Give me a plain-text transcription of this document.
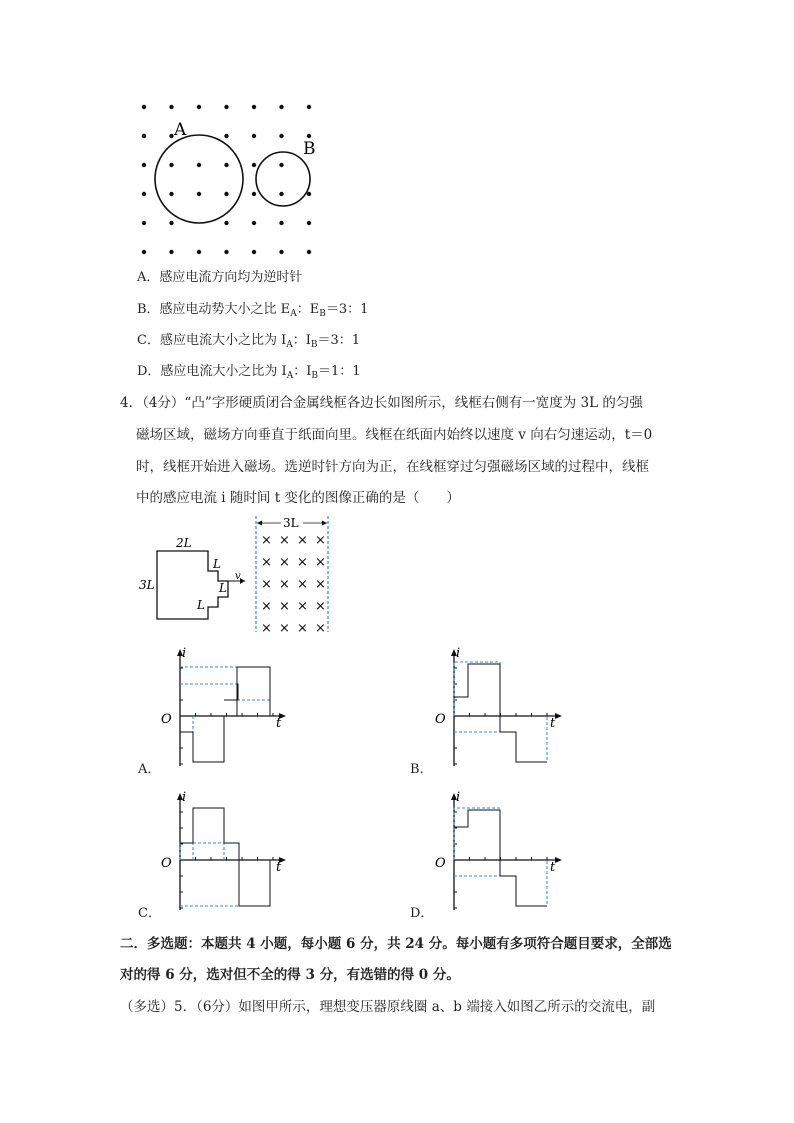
A
B
A．感应电流方向均为逆时针
B．感应电动势大小之比 $E_A$：$E_B=3$：1
C．感应电流大小之比为 $I_A$：$I_B=3$：1
D．感应电流大小之比为 $I_A$：$I_B=1$：1
4．（4分）“凸”字形硬质闭合金属线框各边长如图所示，线框右侧有一宽度为 3L 的匀强
磁场区域，磁场方向垂直于纸面向里。线框在纸面内始终以速度 v 向右匀速运动，t＝0
时，线框开始进入磁场。选逆时针方向为正，在线框穿过匀强磁场区域的过程中，线框
中的感应电流 i 随时间 t 变化的图像正确的是（　　）
v
2L
3L
L
L
L
3L
× × × ×
× × × ×
× × × ×
× × × ×
× × × ×
i
t
O
A．
i
t
O
B．
i
t
O
C．
i
t
O
D．
二．多选题：本题共 4 小题，每小题 6 分，共 24 分。每小题有多项符合题目要求，全部选
对的得 6 分，选对但不全的得 3 分，有选错的得 0 分。
（多选）5．（6分）如图甲所示，理想变压器原线圈 a、b 端接入如图乙所示的交流电，副
